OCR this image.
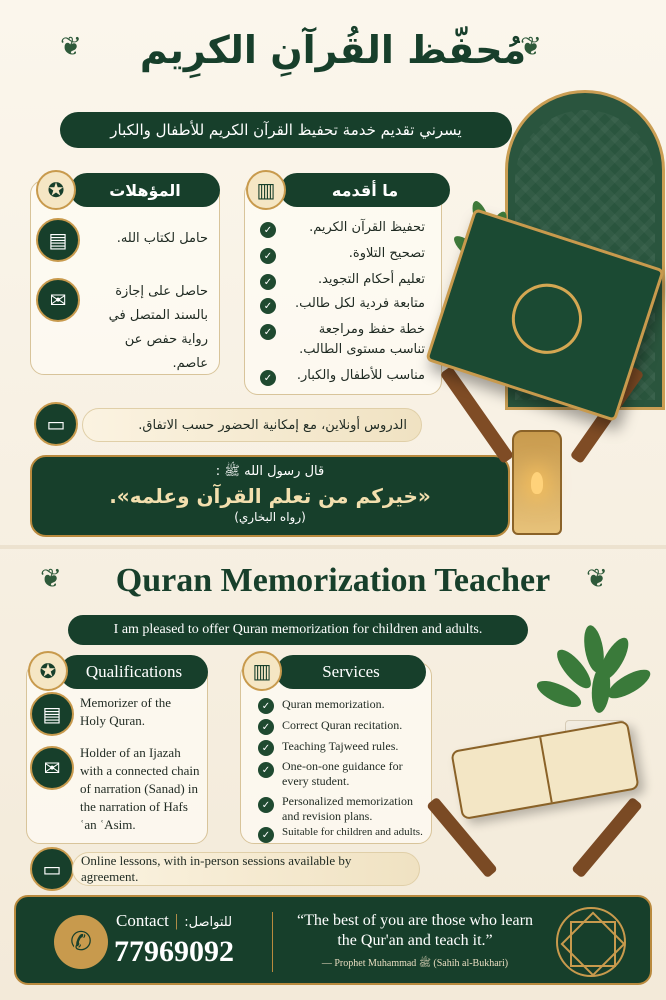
❦	❦
مُحفّظ القُرآنِ الكرِيم
يسرني تقديم خدمة تحفيظ القرآن الكريم للأطفال والكبار
المؤهلات
✪
▤	حامل لكتاب الله.
✉	حاصل على إجازة بالسند المتصل في رواية حفص عن عاصم.
ما أقدمه
▥
✓	تحفيظ القرآن الكريم.
✓	تصحيح التلاوة.
✓	تعليم أحكام التجويد.
✓	متابعة فردية لكل طالب.
✓	خطة حفظ ومراجعة تناسب مستوى الطالب.
✓	مناسب للأطفال والكبار.
▭	الدروس أونلاين، مع إمكانية الحضور حسب الاتفاق.
قال رسول الله ﷺ :
«خيركم من تعلم القرآن وعلمه».
(رواه البخاري)
❦	❦
Quran Memorization Teacher
I am pleased to offer Quran memorization for children and adults.
Qualifications
✪
▤	Memorizer of the Holy Quran.
✉
Holder of an Ijazah with a connected chain of narration (Sanad) in the narration of Hafs ʿan ʿAsim.
Services
▥
✓ Quran memorization.
✓ Correct Quran recitation.
✓ Teaching Tajweed rules.
✓ One-on-one guidance for every student.
✓ Personalized memorization and revision plans.
✓	Suitable for children and adults.
▭	Online lessons, with in-person sessions available by agreement.
✆
Contact | للتواصل:
77969092
“The best of you are those who learn the Qur'an and teach it.”
— Prophet Muhammad ﷺ (Sahih al-Bukhari)
